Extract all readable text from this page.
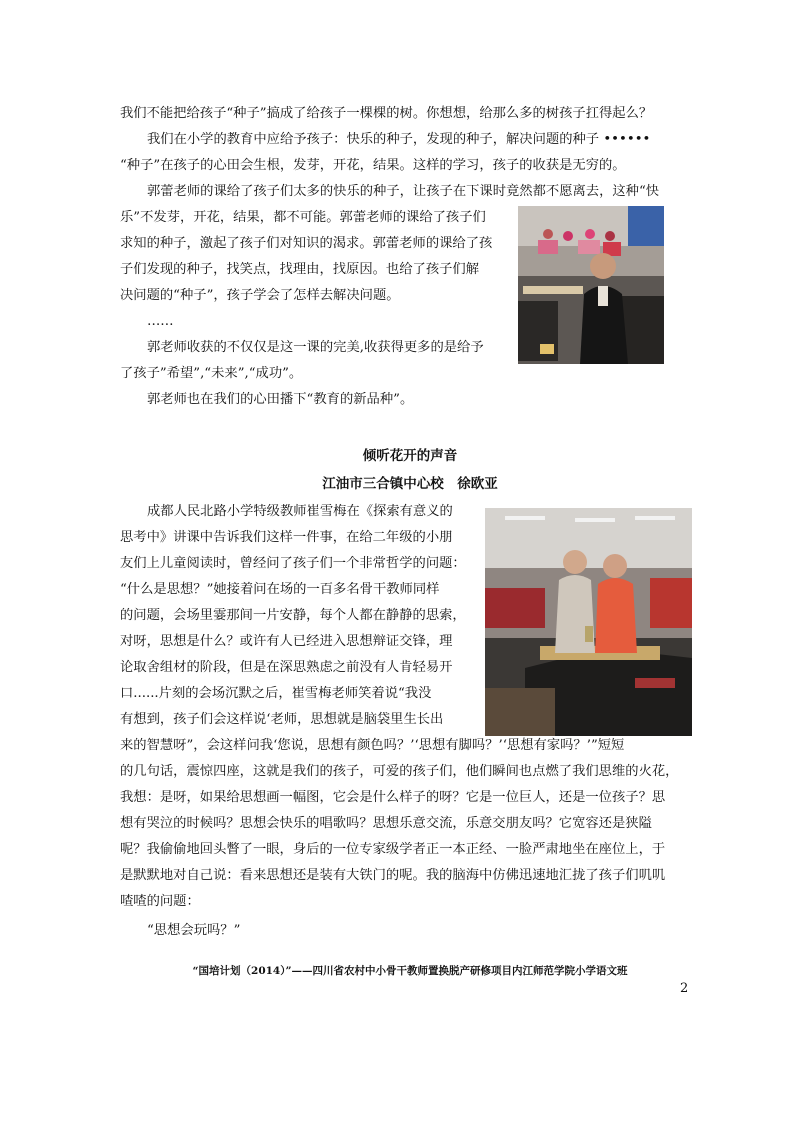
我们不能把给孩子“种子”搞成了给孩子一棵棵的树。你想想，给那么多的树孩子扛得起么？

我们在小学的教育中应给予孩子：快乐的种子，发现的种子，解决问题的种子 ••••••

“种子”在孩子的心田会生根，发芽，开花，结果。这样的学习，孩子的收获是无穷的。

郭蕾老师的课给了孩子们太多的快乐的种子，让孩子在下课时竟然都不愿离去，这种“快

乐”不发芽，开花，结果，都不可能。郭蕾老师的课给了孩子们

求知的种子，激起了孩子们对知识的渴求。郭蕾老师的课给了孩

子们发现的种子，找笑点，找理由，找原因。也给了孩子们解

决问题的“种子”，孩子学会了怎样去解决问题。

……

郭老师收获的不仅仅是这一课的完美,收获得更多的是给予

了孩子”希望”,“未来”,“成功”。

郭老师也在我们的心田播下“教育的新品种”。

倾听花开的声音

江油市三合镇中心校　徐欧亚

成都人民北路小学特级教师崔雪梅在《探索有意义的

思考中》讲课中告诉我们这样一件事，在给二年级的小朋

友们上儿童阅读时，曾经问了孩子们一个非常哲学的问题：

“什么是思想？”她接着问在场的一百多名骨干教师同样

的问题，会场里霎那间一片安静，每个人都在静静的思索，

对呀，思想是什么？或许有人已经进入思想辩证交锋，理

论取舍组材的阶段，但是在深思熟虑之前没有人肯轻易开

口......片刻的会场沉默之后，崔雪梅老师笑着说“我没

有想到，孩子们会这样说‘老师，思想就是脑袋里生长出

来的智慧呀”，会这样问我‘您说，思想有颜色吗？’‘思想有脚吗？’‘思想有家吗？’”短短

的几句话，震惊四座，这就是我们的孩子，可爱的孩子们，他们瞬间也点燃了我们思维的火花，

我想：是呀，如果给思想画一幅图，它会是什么样子的呀？它是一位巨人，还是一位孩子？思

想有哭泣的时候吗？思想会快乐的唱歌吗？思想乐意交流，乐意交朋友吗？它宽容还是狭隘

呢？我偷偷地回头瞥了一眼，身后的一位专家级学者正一本正经、一脸严肃地坐在座位上，于

是默默地对自己说：看来思想还是装有大铁门的呢。我的脑海中仿佛迅速地汇拢了孩子们叽叽

喳喳的问题：

“思想会玩吗？”

“国培计划（2014）”——四川省农村中小骨干教师置换脱产研修项目内江师范学院小学语文班

2
